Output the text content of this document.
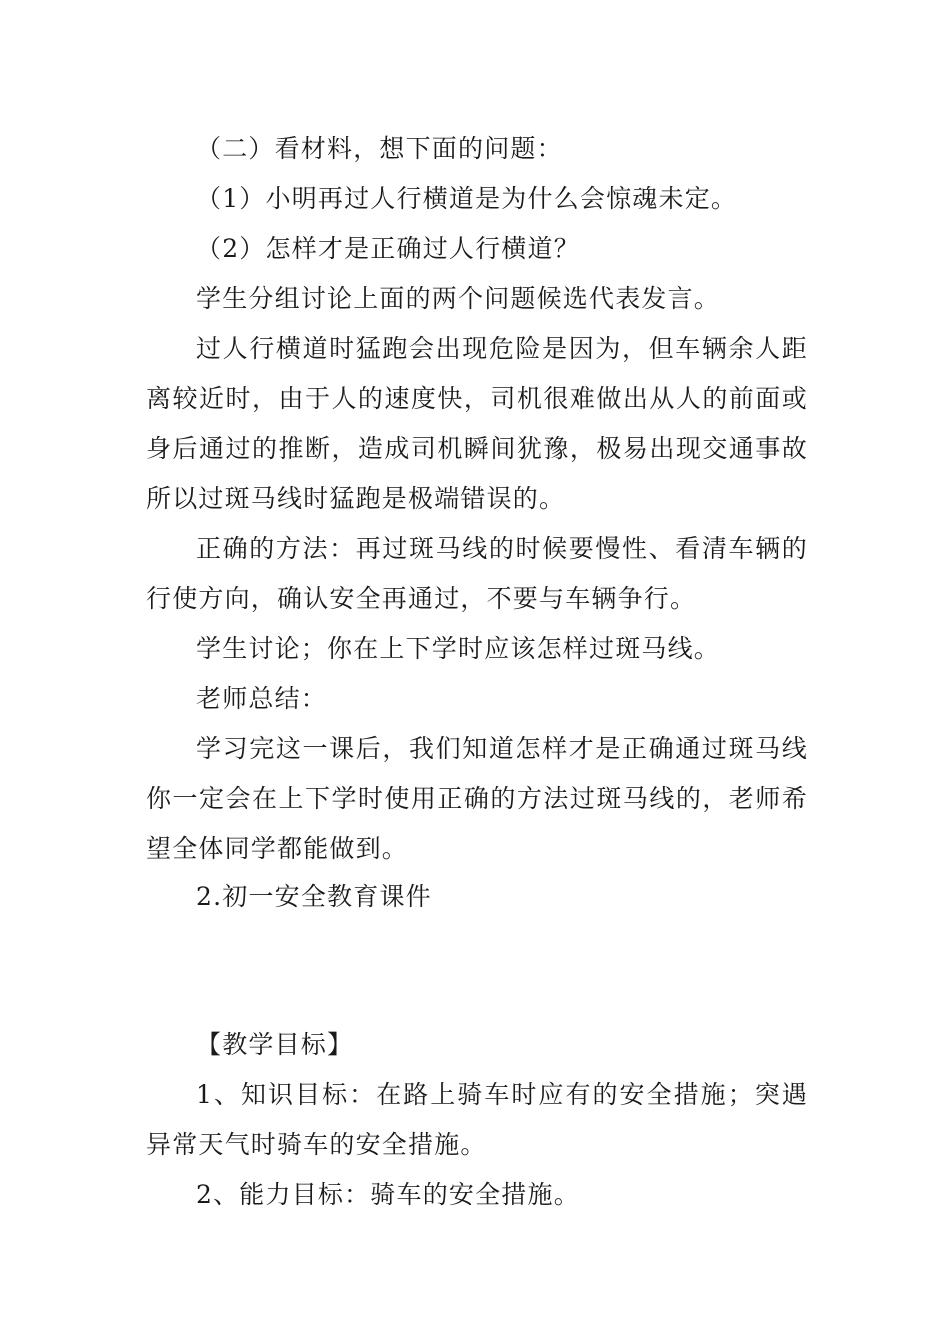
（二）看材料，想下面的问题：

（1）小明再过人行横道是为什么会惊魂未定。

（2）怎样才是正确过人行横道？

学生分组讨论上面的两个问题候选代表发言。

过人行横道时猛跑会出现危险是因为，但车辆余人距离较近时，由于人的速度快，司机很难做出从人的前面或身后通过的推断，造成司机瞬间犹豫，极易出现交通事故所以过斑马线时猛跑是极端错误的。

正确的方法：再过斑马线的时候要慢性、看清车辆的行使方向，确认安全再通过，不要与车辆争行。

学生讨论；你在上下学时应该怎样过斑马线。

老师总结：

学习完这一课后，我们知道怎样才是正确通过斑马线你一定会在上下学时使用正确的方法过斑马线的，老师希望全体同学都能做到。

2.初一安全教育课件

【教学目标】

1、知识目标：在路上骑车时应有的安全措施；突遇异常天气时骑车的安全措施。

2、能力目标：骑车的安全措施。
